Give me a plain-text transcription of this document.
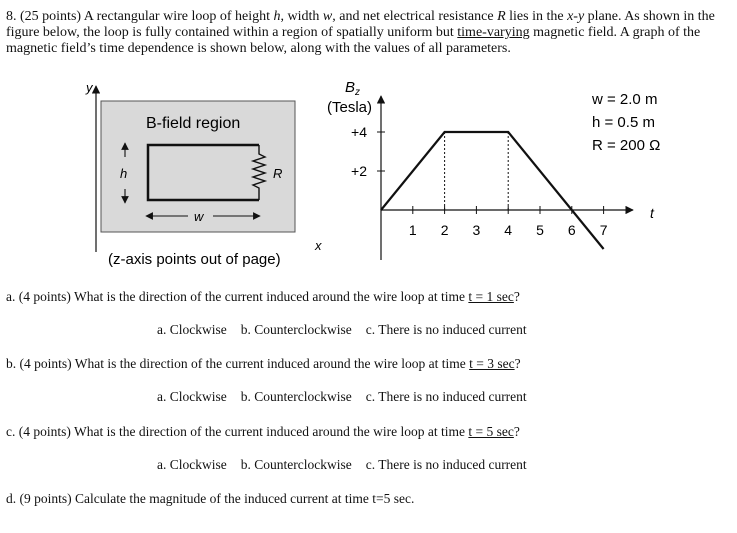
8. (25 points) A rectangular wire loop of height h, width w, and net electrical resistance R lies in the x-y plane. As shown in the figure below, the loop is fully contained within a region of spatially uniform but time-varying magnetic field. A graph of the magnetic field’s time dependence is shown below, along with the values of all parameters.

y
x
B-field region
R
h
w
(z-axis points out of page)
$B_z$
(Tesla)
t
1 2 3 4 5 6 7
+2
+4
w = 2.0 m
h = 0.5 m
R = 200 Ω

a. (4 points) What is the direction of the current induced around the wire loop at time t = 1 sec?

a. Clockwise b. Counterclockwise c. There is no induced current

b. (4 points) What is the direction of the current induced around the wire loop at time t = 3 sec?

a. Clockwise b. Counterclockwise c. There is no induced current

c. (4 points) What is the direction of the current induced around the wire loop at time t = 5 sec?

a. Clockwise b. Counterclockwise c. There is no induced current

d. (9 points) Calculate the magnitude of the induced current at time t=5 sec.
